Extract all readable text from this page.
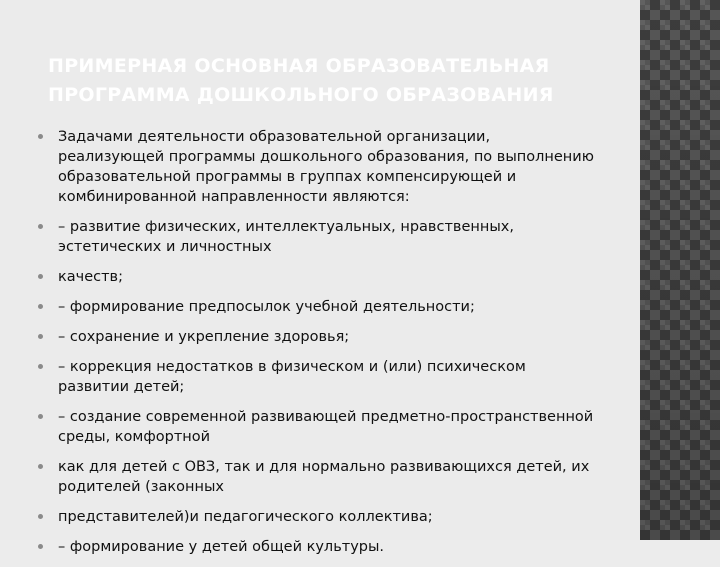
ПРИМЕРНАЯ ОСНОВНАЯ ОБРАЗОВАТЕЛЬНАЯ
ПРОГРАММА ДОШКОЛЬНОГО ОБРАЗОВАНИЯ
Задачами деятельности образовательной организации, реализующей программы дошкольного образования, по выполнению образовательной программы в группах компенсирующей и комбинированной направленности являются:
– развитие физических, интеллектуальных, нравственных, эстетических и личностных
качеств;
– формирование предпосылок учебной деятельности;
– сохранение и укрепление здоровья;
– коррекция недостатков в физическом и (или) психическом развитии детей;
– создание современной развивающей предметно-пространственной среды, комфортной
как для детей с ОВЗ, так и для нормально развивающихся детей, их родителей (законных
представителей)и педагогического коллектива;
– формирование у детей общей культуры.
